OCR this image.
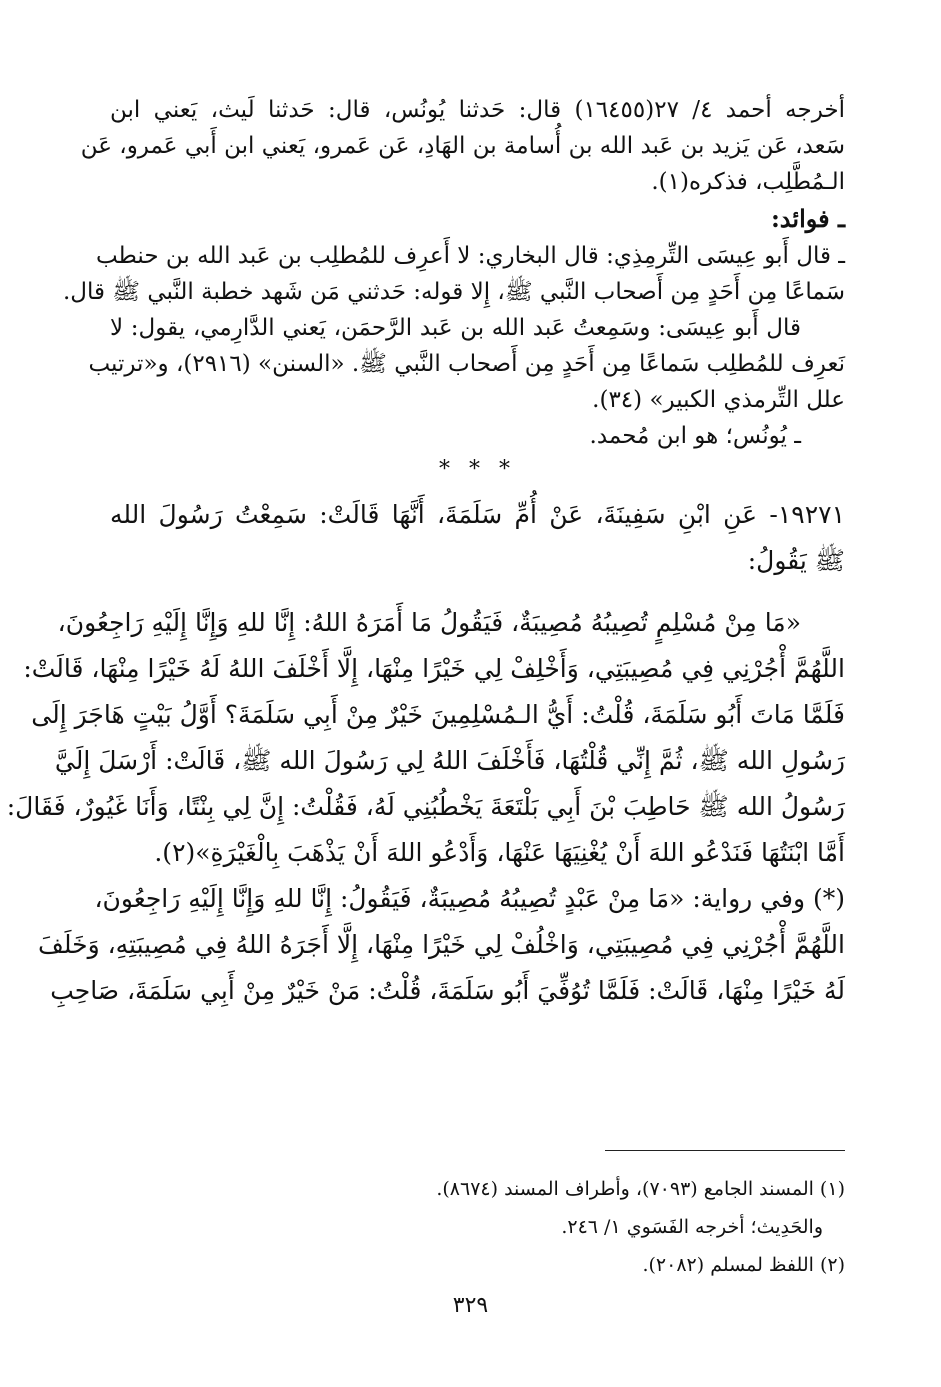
أخرجه أحمد ٤/ ٢٧(١٦٤٥٥) قال: حَدثنا يُونُس، قال: حَدثنا لَيث، يَعني ابن
سَعد، عَن يَزيد بن عَبد الله بن أُسامة بن الهَادِ، عَن عَمرو، يَعني ابن أَبي عَمرو، عَن
الـمُطَّلِب، فذكره(١).
ـ فوائد:
ـ قال أَبو عِيسَى التِّرمِذِي: قال البخاري: لا أَعرِف للمُطلِب بن عَبد الله بن حنطب
سَماعًا مِن أَحَدٍ مِن أَصحاب النَّبي ﷺ، إِلا قوله: حَدثني مَن شَهد خطبة النَّبي ﷺ قال.
قال أَبو عِيسَى: وسَمِعتُ عَبد الله بن عَبد الرَّحمَن، يَعني الدَّارِمي، يقول: لا
نَعرِف للمُطلِب سَماعًا مِن أَحَدٍ مِن أَصحاب النَّبي ﷺ. «السنن» (٢٩١٦)، و«ترتيب
علل التِّرمذي الكبير» (٣٤).
ـ يُونُس؛ هو ابن مُحمد.
* * *
١٩٢٧١- عَنِ ابْنِ سَفِينَةَ، عَنْ أُمِّ سَلَمَةَ، أَنَّهَا قَالَتْ: سَمِعْتُ رَسُولَ الله
ﷺ يَقُولُ:
«مَا مِنْ مُسْلِمٍ تُصِيبُهُ مُصِيبَةٌ، فَيَقُولُ مَا أَمَرَهُ اللهُ: إِنَّا للهِ وَإِنَّا إِلَيْهِ رَاجِعُونَ،
اللَّهُمَّ أْجُرْنِي فِي مُصِيبَتِي، وَأَخْلِفْ لِي خَيْرًا مِنْهَا، إِلَّا أَخْلَفَ اللهُ لَهُ خَيْرًا مِنْهَا، قَالَتْ:
فَلَمَّا مَاتَ أَبُو سَلَمَةَ، قُلْتُ: أَيُّ الـمُسْلِمِينَ خَيْرٌ مِنْ أَبِي سَلَمَةَ؟ أَوَّلُ بَيْتٍ هَاجَرَ إِلَى
رَسُولِ الله ﷺ، ثُمَّ إِنِّي قُلْتُهَا، فَأَخْلَفَ اللهُ لِي رَسُولَ الله ﷺ، قَالَتْ: أَرْسَلَ إِلَيَّ
رَسُولُ الله ﷺ حَاطِبَ بْنَ أَبِي بَلْتَعَةَ يَخْطُبُنِي لَهُ، فَقُلْتُ: إِنَّ لِي بِنْتًا، وَأَنَا غَيُورٌ، فَقَالَ:
أَمَّا ابْنَتُهَا فَنَدْعُو اللهَ أَنْ يُغْنِيَهَا عَنْهَا، وَأَدْعُو اللهَ أَنْ يَذْهَبَ بِالْغَيْرَةِ»(٢).
(*) وفي رواية: «مَا مِنْ عَبْدٍ تُصِيبُهُ مُصِيبَةٌ، فَيَقُولُ: إِنَّا للهِ وَإِنَّا إِلَيْهِ رَاجِعُونَ،
اللَّهُمَّ أْجُرْنِي فِي مُصِيبَتِي، وَاخْلُفْ لِي خَيْرًا مِنْهَا، إِلَّا أَجَرَهُ اللهُ فِي مُصِيبَتِهِ، وَخَلَفَ
لَهُ خَيْرًا مِنْهَا، قَالَتْ: فَلَمَّا تُوُفِّيَ أَبُو سَلَمَةَ، قُلْتُ: مَنْ خَيْرٌ مِنْ أَبِي سَلَمَةَ، صَاحِبِ
(١) المسند الجامع (٧٠٩٣)، وأطراف المسند (٨٦٧٤).
والحَدِيث؛ أخرجه الفَسَوي ١/ ٢٤٦.
(٢) اللفظ لمسلم (٢٠٨٢).
٣٢٩
